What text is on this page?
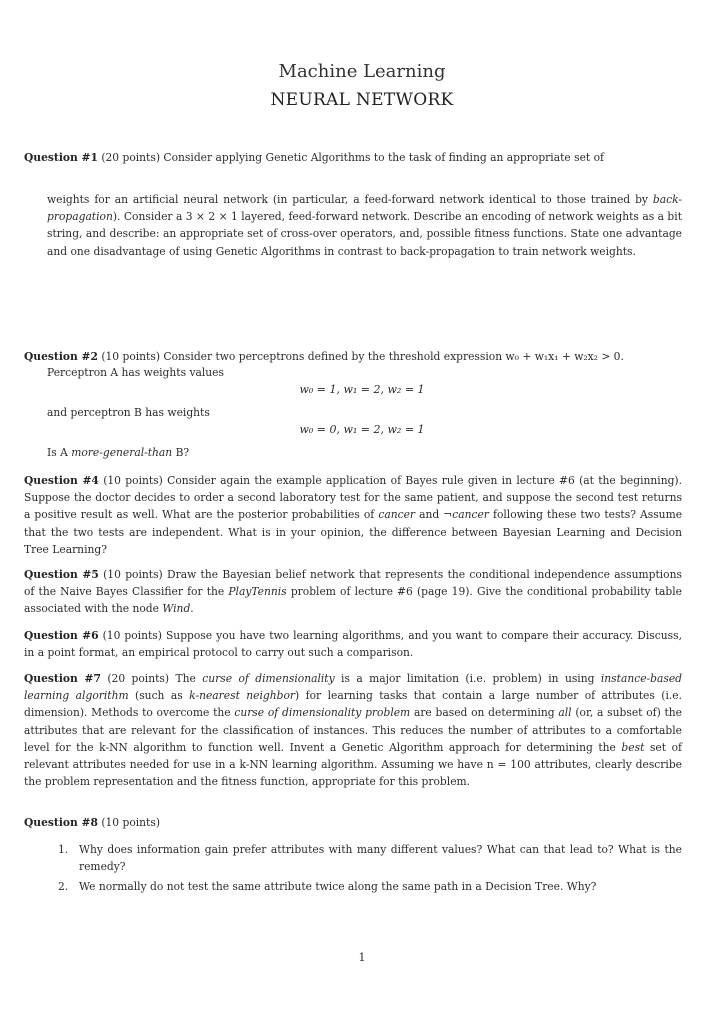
Machine Learning
NEURAL NETWORK
Question #1 (20 points) Consider applying Genetic Algorithms to the task of finding an appropriate set of
weights for an artificial neural network (in particular, a feed-forward network identical to those trained by back-propagation). Consider a 3 × 2 × 1 layered, feed-forward network. Describe an encoding of network weights as a bit string, and describe: an appropriate set of cross-over operators, and, possible fitness functions. State one advantage and one disadvantage of using Genetic Algorithms in contrast to back-propagation to train network weights.
Question #2 (10 points) Consider two perceptrons defined by the threshold expression w₀ + w₁x₁ + w₂x₂ > 0.
Perceptron A has weights values
w₀ = 1, w₁ = 2, w₂ = 1
and perceptron B has weights
w₀ = 0, w₁ = 2, w₂ = 1
Is A more-general-than B?
Question #4 (10 points) Consider again the example application of Bayes rule given in lecture #6 (at the beginning). Suppose the doctor decides to order a second laboratory test for the same patient, and suppose the second test returns a positive result as well. What are the posterior probabilities of cancer and ¬cancer following these two tests? Assume that the two tests are independent. What is in your opinion, the difference between Bayesian Learning and Decision Tree Learning?
Question #5 (10 points) Draw the Bayesian belief network that represents the conditional independence assumptions of the Naive Bayes Classifier for the PlayTennis problem of lecture #6 (page 19). Give the conditional probability table associated with the node Wind.
Question #6 (10 points) Suppose you have two learning algorithms, and you want to compare their accuracy. Discuss, in a point format, an empirical protocol to carry out such a comparison.
Question #7 (20 points) The curse of dimensionality is a major limitation (i.e. problem) in using instance-based learning algorithm (such as k-nearest neighbor) for learning tasks that contain a large number of attributes (i.e. dimension). Methods to overcome the curse of dimensionality problem are based on determining all (or, a subset of) the attributes that are relevant for the classification of instances. This reduces the number of attributes to a comfortable level for the k-NN algorithm to function well. Invent a Genetic Algorithm approach for determining the best set of relevant attributes needed for use in a k-NN learning algorithm. Assuming we have n = 100 attributes, clearly describe the problem representation and the fitness function, appropriate for this problem.
Question #8 (10 points)
1. Why does information gain prefer attributes with many different values? What can that lead to? What is the remedy?
2. We normally do not test the same attribute twice along the same path in a Decision Tree. Why?
1
